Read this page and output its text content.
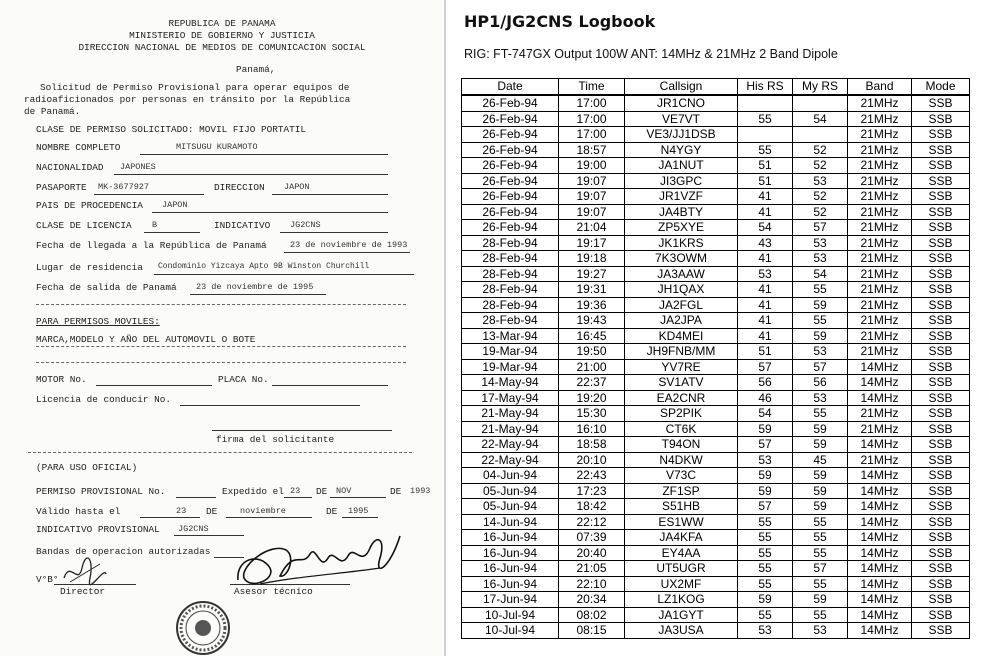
REPUBLICA DE PANAMA
MINISTERIO DE GOBIERNO Y JUSTICIA
DIRECCION NACIONAL DE MEDIOS DE COMUNICACION SOCIAL
Panamá,
Solicitud de Permiso Provisional para operar equipos de
radioaficionados por personas en tránsito por la República
de Panamá.
CLASE DE PERMISO SOLICITADO: MOVIL FIJO PORTATIL
NOMBRE COMPLETO	MITSUGU KURAMOTO
NACIONALIDAD JAPONES
PASAPORTE MK-3677927	DIRECCION JAPON
PAIS DE PROCEDENCIA JAPON
CLASE DE LICENCIA B	INDICATIVO JG2CNS
Fecha de llegada a la República de Panamá	23 de noviembre de 1993
Lugar de residencia Condominio Yizcaya Apto 9B Winston Churchill
Fecha de salida de Panamá 23 de noviembre de 1995
PARA PERMISOS MOVILES:
MARCA,MODELO Y AÑO DEL AUTOMOVIL O BOTE
MOTOR No.	PLACA No.
Licencia de conducir No.
firma del solicitante
(PARA USO OFICIAL)
PERMISO PROVISIONAL No.	Expedido el 23 DE NOV	DE 1993
Válido hasta el	23 DE	noviembre	DE 1995
INDICATIVO PROVISIONAL JG2CNS
Bandas de operacion autorizadas
V°B°
Director	Asesor técnico
HP1/JG2CNS Logbook
RIG: FT-747GX Output 100W ANT: 14MHz & 21MHz 2 Band Dipole
Date	Time	Callsign	His RS	My RS	Band	Mode
26-Feb-94	17:00	JR1CNO			21MHz	SSB
26-Feb-94	17:00	VE7VT	55	54	21MHz	SSB
26-Feb-94	17:00	VE3/JJ1DSB			21MHz	SSB
26-Feb-94	18:57	N4YGY	55	52	21MHz	SSB
26-Feb-94	19:00	JA1NUT	51	52	21MHz	SSB
26-Feb-94	19:07	JI3GPC	51	53	21MHz	SSB
26-Feb-94	19:07	JR1VZF	41	52	21MHz	SSB
26-Feb-94	19:07	JA4BTY	41	52	21MHz	SSB
26-Feb-94	21:04	ZP5XYE	54	57	21MHz	SSB
28-Feb-94	19:17	JK1KRS	43	53	21MHz	SSB
28-Feb-94	19:18	7K3OWM	41	53	21MHz	SSB
28-Feb-94	19:27	JA3AAW	53	54	21MHz	SSB
28-Feb-94	19:31	JH1QAX	41	55	21MHz	SSB
28-Feb-94	19:36	JA2FGL	41	59	21MHz	SSB
28-Feb-94	19:43	JA2JPA	41	55	21MHz	SSB
13-Mar-94	16:45	KD4MEI	41	59	21MHz	SSB
19-Mar-94	19:50	JH9FNB/MM	51	53	21MHz	SSB
19-Mar-94	21:00	YV7RE	57	57	14MHz	SSB
14-May-94	22:37	SV1ATV	56	56	14MHz	SSB
17-May-94	19:20	EA2CNR	46	53	14MHz	SSB
21-May-94	15:30	SP2PIK	54	55	21MHz	SSB
21-May-94	16:10	CT6K	59	59	21MHz	SSB
22-May-94	18:58	T94ON	57	59	14MHz	SSB
22-May-94	20:10	N4DKW	53	45	21MHz	SSB
04-Jun-94	22:43	V73C	59	59	14MHz	SSB
05-Jun-94	17:23	ZF1SP	59	59	14MHz	SSB
05-Jun-94	18:42	S51HB	57	59	14MHz	SSB
14-Jun-94	22:12	ES1WW	55	55	14MHz	SSB
16-Jun-94	07:39	JA4KFA	55	55	14MHz	SSB
16-Jun-94	20:40	EY4AA	55	55	14MHz	SSB
16-Jun-94	21:05	UT5UGR	55	57	14MHz	SSB
16-Jun-94	22:10	UX2MF	55	55	14MHz	SSB
17-Jun-94	20:34	LZ1KOG	59	59	14MHz	SSB
10-Jul-94	08:02	JA1GYT	55	55	14MHz	SSB
10-Jul-94	08:15	JA3USA	53	53	14MHz	SSB
